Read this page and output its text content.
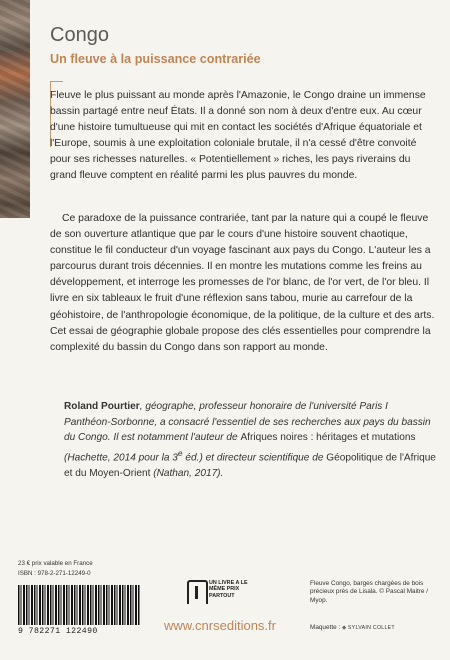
Congo
Un fleuve à la puissance contrariée

Fleuve le plus puissant au monde après l'Amazonie, le Congo draine un immense bassin partagé entre neuf États. Il a donné son nom à deux d'entre eux. Au cœur d'une histoire tumultueuse qui mit en contact les sociétés d'Afrique équatoriale et l'Europe, soumis à une exploitation coloniale brutale, il n'a cessé d'être convoité pour ses richesses naturelles. « Potentiellement » riches, les pays riverains du grand fleuve comptent en réalité parmi les plus pauvres du monde.

Ce paradoxe de la puissance contrariée, tant par la nature qui a coupé le fleuve de son ouverture atlantique que par le cours d'une histoire souvent chaotique, constitue le fil conducteur d'un voyage fascinant aux pays du Congo. L'auteur les a parcourus durant trois décennies. Il en montre les mutations comme les freins au développement, et interroge les promesses de l'or blanc, de l'or vert, de l'or bleu. Il livre en six tableaux le fruit d'une réflexion sans tabou, murie au carrefour de la géohistoire, de l'anthropologie économique, de la politique, de la culture et des arts. Cet essai de géographie globale propose des clés essentielles pour comprendre la complexité du bassin du Congo dans son rapport au monde.

Roland Pourtier, géographe, professeur honoraire de l'université Paris I Panthéon-Sorbonne, a consacré l'essentiel de ses recherches aux pays du bassin du Congo. Il est notamment l'auteur de Afriques noires : héritages et mutations (Hachette, 2014 pour la 3e éd.) et directeur scientifique de Géopolitique de l'Afrique et du Moyen-Orient (Nathan, 2017).

23 € prix valable en France
ISBN : 978-2-271-12249-0
9 782271 122490
UN LIVRE A LE MÊME PRIX PARTOUT
www.cnrseditions.fr
Fleuve Congo, barges chargées de bois précieux près de Lisala. © Pascal Maitre / Myop.
Maquette : ◆ SYLVAIN COLLET
